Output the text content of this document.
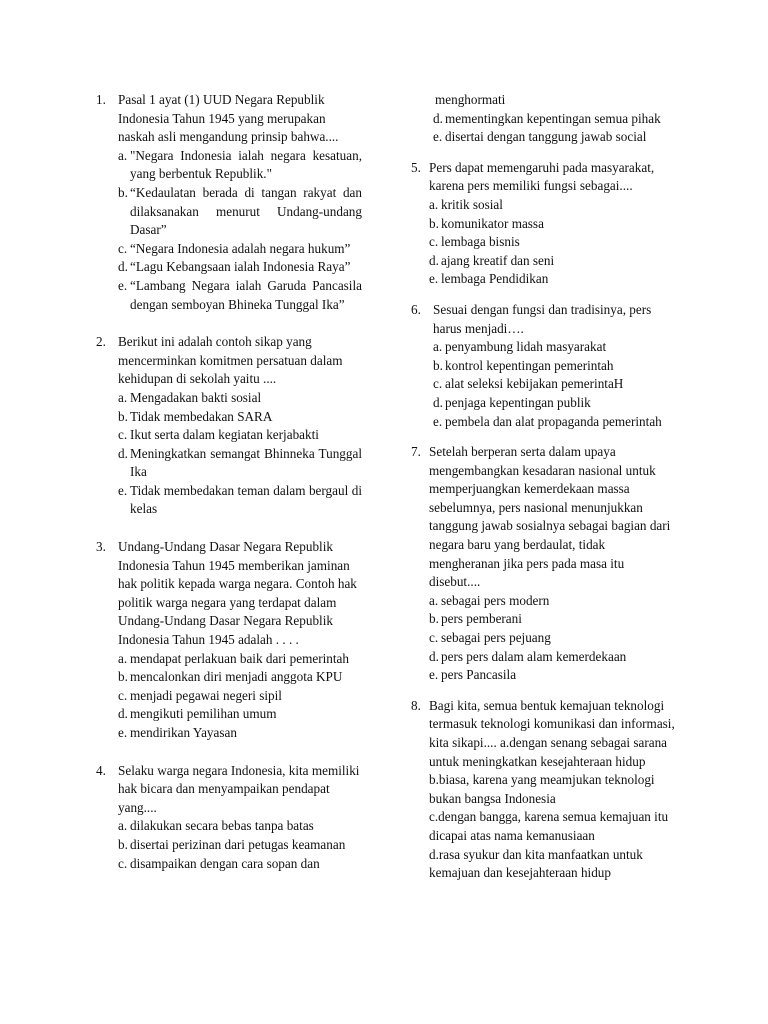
1. Pasal 1 ayat (1) UUD Negara Republik Indonesia Tahun 1945 yang merupakan naskah asli mengandung prinsip bahwa....
a. "Negara Indonesia ialah negara kesatuan, yang berbentuk Republik."
b. “Kedaulatan berada di tangan rakyat dan dilaksanakan menurut Undang-undang Dasar”
c. “Negara Indonesia adalah negara hukum”
d. “Lagu Kebangsaan ialah Indonesia Raya”
e. “Lambang Negara ialah Garuda Pancasila dengan semboyan Bhineka Tunggal Ika”
2. Berikut ini adalah contoh sikap yang mencerminkan komitmen persatuan dalam kehidupan di sekolah yaitu ....
a. Mengadakan bakti sosial
b. Tidak membedakan SARA
c. Ikut serta dalam kegiatan kerjabakti
d. Meningkatkan semangat Bhinneka Tunggal Ika
e. Tidak membedakan teman dalam bergaul di kelas
3. Undang-Undang Dasar Negara Republik Indonesia Tahun 1945 memberikan jaminan hak politik kepada warga negara. Contoh hak politik warga negara yang terdapat dalam Undang-Undang Dasar Negara Republik Indonesia Tahun 1945 adalah . . . .
a. mendapat perlakuan baik dari pemerintah
b. mencalonkan diri menjadi anggota KPU
c. menjadi pegawai negeri sipil
d. mengikuti pemilihan umum
e. mendirikan Yayasan
4. Selaku warga negara Indonesia, kita memiliki hak bicara dan menyampaikan pendapat yang....
a. dilakukan secara bebas tanpa batas
b. disertai perizinan dari petugas keamanan
c. disampaikan dengan cara sopan dan
menghormati
d. mementingkan kepentingan semua pihak
e. disertai dengan tanggung jawab social
5. Pers dapat memengaruhi pada masyarakat, karena pers memiliki fungsi sebagai....
a. kritik sosial
b. komunikator massa
c. lembaga bisnis
d. ajang kreatif dan seni
e. lembaga Pendidikan
6. Sesuai dengan fungsi dan tradisinya, pers harus menjadi….
a. penyambung lidah masyarakat
b. kontrol kepentingan pemerintah
c. alat seleksi kebijakan pemerintaH
d. penjaga kepentingan publik
e. pembela dan alat propaganda pemerintah
7. Setelah berperan serta dalam upaya mengembangkan kesadaran nasional untuk memperjuangkan kemerdekaan massa sebelumnya, pers nasional menunjukkan tanggung jawab sosialnya sebagai bagian dari negara baru yang berdaulat, tidak mengheranan jika pers pada masa itu disebut....
a. sebagai pers modern
b. pers pemberani
c. sebagai pers pejuang
d. pers pers dalam alam kemerdekaan
e. pers Pancasila
8. Bagi kita, semua bentuk kemajuan teknologi termasuk teknologi komunikasi dan informasi, kita sikapi.... a.dengan senang sebagai sarana untuk meningkatkan kesejahteraan hidup
b.biasa, karena yang meamjukan teknologi bukan bangsa Indonesia
c.dengan bangga, karena semua kemajuan itu dicapai atas nama kemanusiaan
d.rasa syukur dan kita manfaatkan untuk kemajuan dan kesejahteraan hidup
